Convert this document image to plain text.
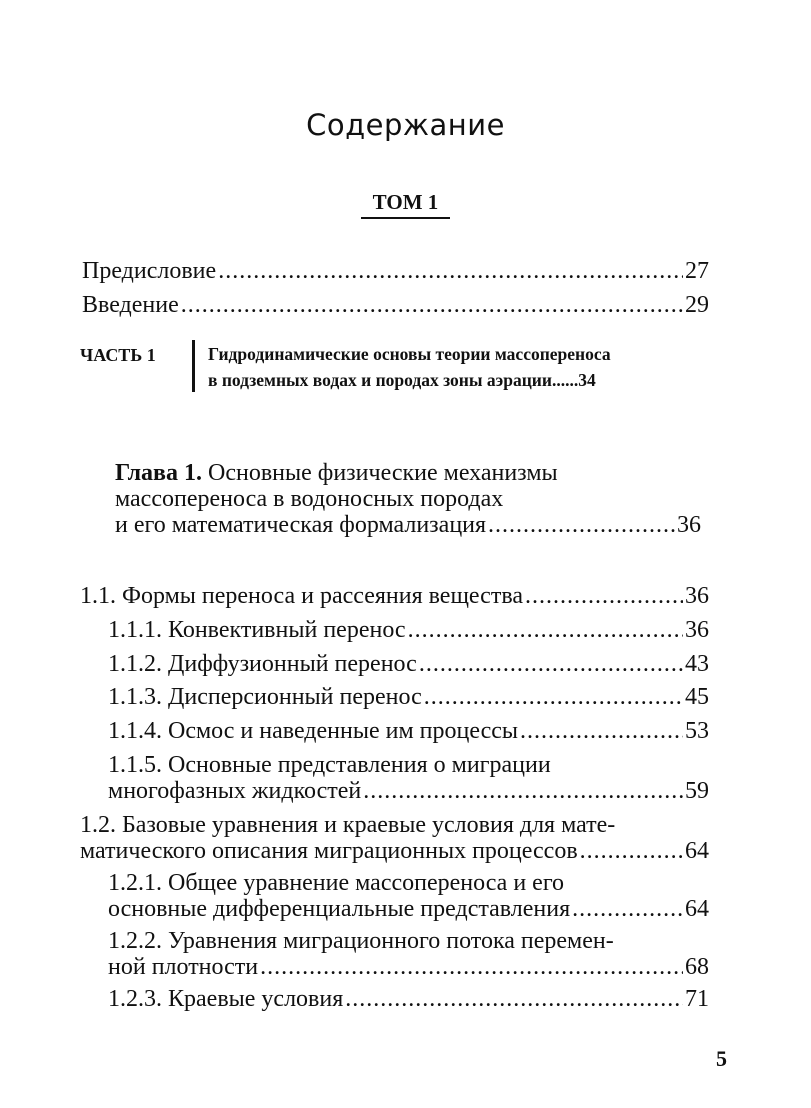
Содержание
ТОМ 1
Предисловие .....	27
Введение .....	29
ЧАСТЬ 1	Гидродинамические основы теории массопереноса
в подземных водах и породах зоны аэрации......34
Глава 1. Основные физические механизмы
массопереноса в водоносных породах
и его математическая формализация .....	36
1.1. Формы переноса и рассеяния вещества .....	36
1.1.1. Конвективный перенос .....	36
1.1.2. Диффузионный перенос .....	43
1.1.3. Дисперсионный перенос .....	45
1.1.4. Осмос и наведенные им процессы .....	53
1.1.5. Основные представления о миграции
многофазных жидкостей .....	59
1.2. Базовые уравнения и краевые условия для мате-
матического описания миграционных процессов .....	64
1.2.1. Общее уравнение массопереноса и его
основные дифференциальные представления .....	64
1.2.2. Уравнения миграционного потока перемен-
ной плотности .....	68
1.2.3. Краевые условия .....	71
5
